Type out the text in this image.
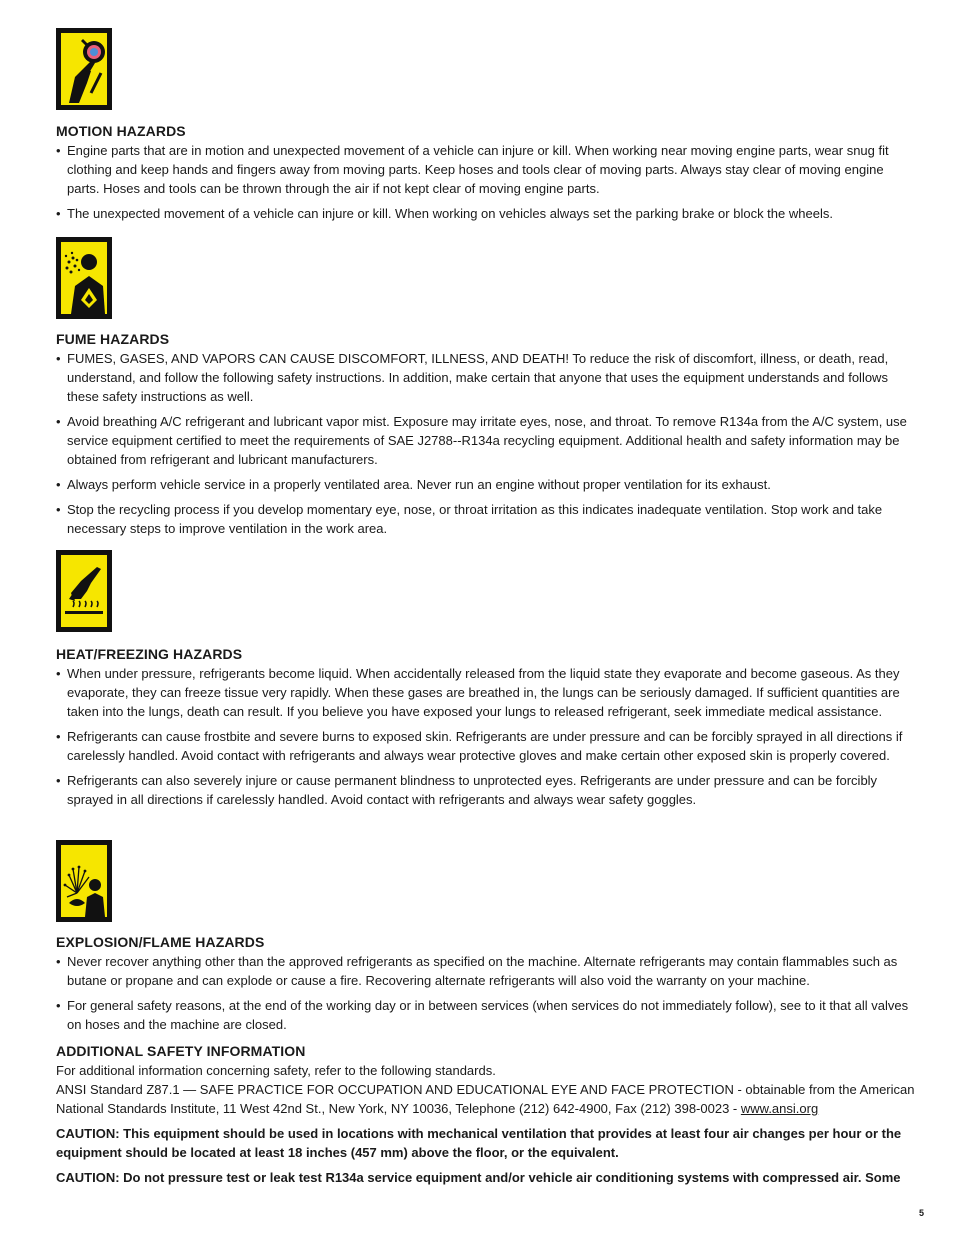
MOTION HAZARDS
• Engine parts that are in motion and unexpected movement of a vehicle can injure or kill. When working near moving engine parts, wear snug fit clothing and keep hands and fingers away from moving parts. Keep hoses and tools clear of moving parts. Always stay clear of moving engine parts. Hoses and tools can be thrown through the air if not kept clear of moving engine parts.
• The unexpected movement of a vehicle can injure or kill. When working on vehicles always set the parking brake or block the wheels.
FUME HAZARDS
• FUMES, GASES, AND VAPORS CAN CAUSE DISCOMFORT, ILLNESS, AND DEATH! To reduce the risk of discomfort, illness, or death, read, understand, and follow the following safety instructions. In addition, make certain that anyone that uses the equipment understands and follows these safety instructions as well.
• Avoid breathing A/C refrigerant and lubricant vapor mist. Exposure may irritate eyes, nose, and throat. To remove R134a from the A/C system, use service equipment certified to meet the requirements of SAE J2788--R134a recycling equipment. Additional health and safety information may be obtained from refrigerant and lubricant manufacturers.
• Always perform vehicle service in a properly ventilated area. Never run an engine without proper ventilation for its exhaust.
• Stop the recycling process if you develop momentary eye, nose, or throat irritation as this indicates inadequate ventilation. Stop work and take necessary steps to improve ventilation in the work area.
HEAT/FREEZING HAZARDS
• When under pressure, refrigerants become liquid. When accidentally released from the liquid state they evaporate and become gaseous. As they evaporate, they can freeze tissue very rapidly. When these gases are breathed in, the lungs can be seriously damaged. If sufficient quantities are taken into the lungs, death can result. If you believe you have exposed your lungs to released refrigerant, seek immediate medical assistance.
• Refrigerants can cause frostbite and severe burns to exposed skin. Refrigerants are under pressure and can be forcibly sprayed in all directions if carelessly handled. Avoid contact with refrigerants and always wear protective gloves and make certain other exposed skin is properly covered.
• Refrigerants can also severely injure or cause permanent blindness to unprotected eyes. Refrigerants are under pressure and can be forcibly sprayed in all directions if carelessly handled. Avoid contact with refrigerants and always wear safety goggles.
EXPLOSION/FLAME HAZARDS
• Never recover anything other than the approved refrigerants as specified on the machine. Alternate refrigerants may contain flammables such as butane or propane and can explode or cause a fire. Recovering alternate refrigerants will also void the warranty on your machine.
• For general safety reasons, at the end of the working day or in between services (when services do not immediately follow), see to it that all valves on hoses and the machine are closed.
ADDITIONAL SAFETY INFORMATION

For additional information concerning safety, refer to the following standards.

ANSI Standard Z87.1 — SAFE PRACTICE FOR OCCUPATION AND EDUCATIONAL EYE AND FACE PROTECTION - obtainable from the American National Standards Institute, 11 West 42nd St., New York, NY 10036, Telephone (212) 642-4900, Fax (212) 398-0023 - www.ansi.org

CAUTION: This equipment should be used in locations with mechanical ventilation that provides at least four air changes per hour or the equipment should be located at least 18 inches (457 mm) above the floor, or the equivalent.

CAUTION: Do not pressure test or leak test R134a service equipment and/or vehicle air conditioning systems with compressed air. Some

5
